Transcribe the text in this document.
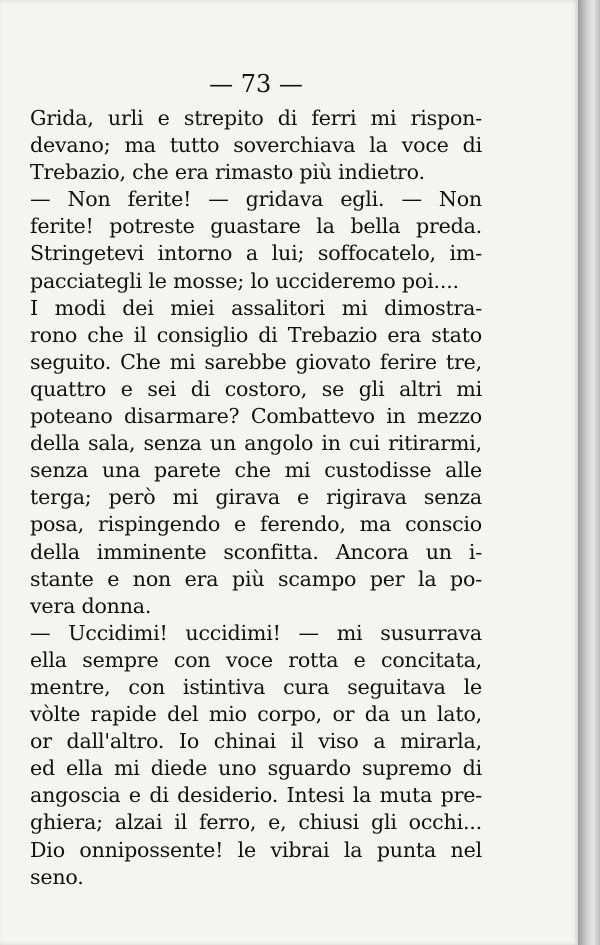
— 73 —
Grida, urli e strepito di ferri mi rispon-
devano; ma tutto soverchiava la voce di
Trebazio, che era rimasto più indietro.
— Non ferite! — gridava egli. — Non
ferite! potreste guastare la bella preda.
Stringetevi intorno a lui; soffocatelo, im-
pacciategli le mosse; lo uccideremo poi....
I modi dei miei assalitori mi dimostra-
rono che il consiglio di Trebazio era stato
seguito. Che mi sarebbe giovato ferire tre,
quattro e sei di costoro, se gli altri mi
poteano disarmare? Combattevo in mezzo
della sala, senza un angolo in cui ritirarmi,
senza una parete che mi custodisse alle
terga; però mi girava e rigirava senza
posa, rispingendo e ferendo, ma conscio
della imminente sconfitta. Ancora un i-
stante e non era più scampo per la po-
vera donna.
— Uccidimi! uccidimi! — mi susurrava
ella sempre con voce rotta e concitata,
mentre, con istintiva cura seguitava le
vòlte rapide del mio corpo, or da un lato,
or dall'altro. Io chinai il viso a mirarla,
ed ella mi diede uno sguardo supremo di
angoscia e di desiderio. Intesi la muta pre-
ghiera; alzai il ferro, e, chiusi gli occhi...
Dio onnipossente! le vibrai la punta nel
seno.
